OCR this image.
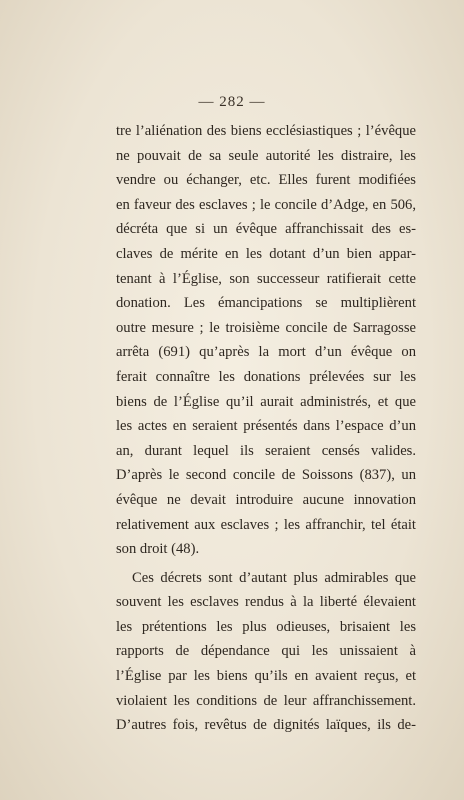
— 282 —
tre l’aliénation des biens ecclésiastiques ; l’évêque
ne pouvait de sa seule autorité les distraire, les
vendre ou échanger, etc. Elles furent modifiées
en faveur des esclaves ; le concile d’Adge, en 506,
décréta que si un évêque affranchissait des es-
claves de mérite en les dotant d’un bien appar-
tenant à l’Église, son successeur ratifierait cette
donation. Les émancipations se multiplièrent
outre mesure ; le troisième concile de Sarragosse
arrêta (691) qu’après la mort d’un évêque on
ferait connaître les donations prélevées sur les
biens de l’Église qu’il aurait administrés, et que
les actes en seraient présentés dans l’espace d’un
an, durant lequel ils seraient censés valides.
D’après le second concile de Soissons (837), un
évêque ne devait introduire aucune innovation
relativement aux esclaves ; les affranchir, tel était
son droit (48).
Ces décrets sont d’autant plus admirables que
souvent les esclaves rendus à la liberté élevaient
les prétentions les plus odieuses, brisaient les
rapports de dépendance qui les unissaient à
l’Église par les biens qu’ils en avaient reçus, et
violaient les conditions de leur affranchissement.
D’autres fois, revêtus de dignités laïques, ils de-
